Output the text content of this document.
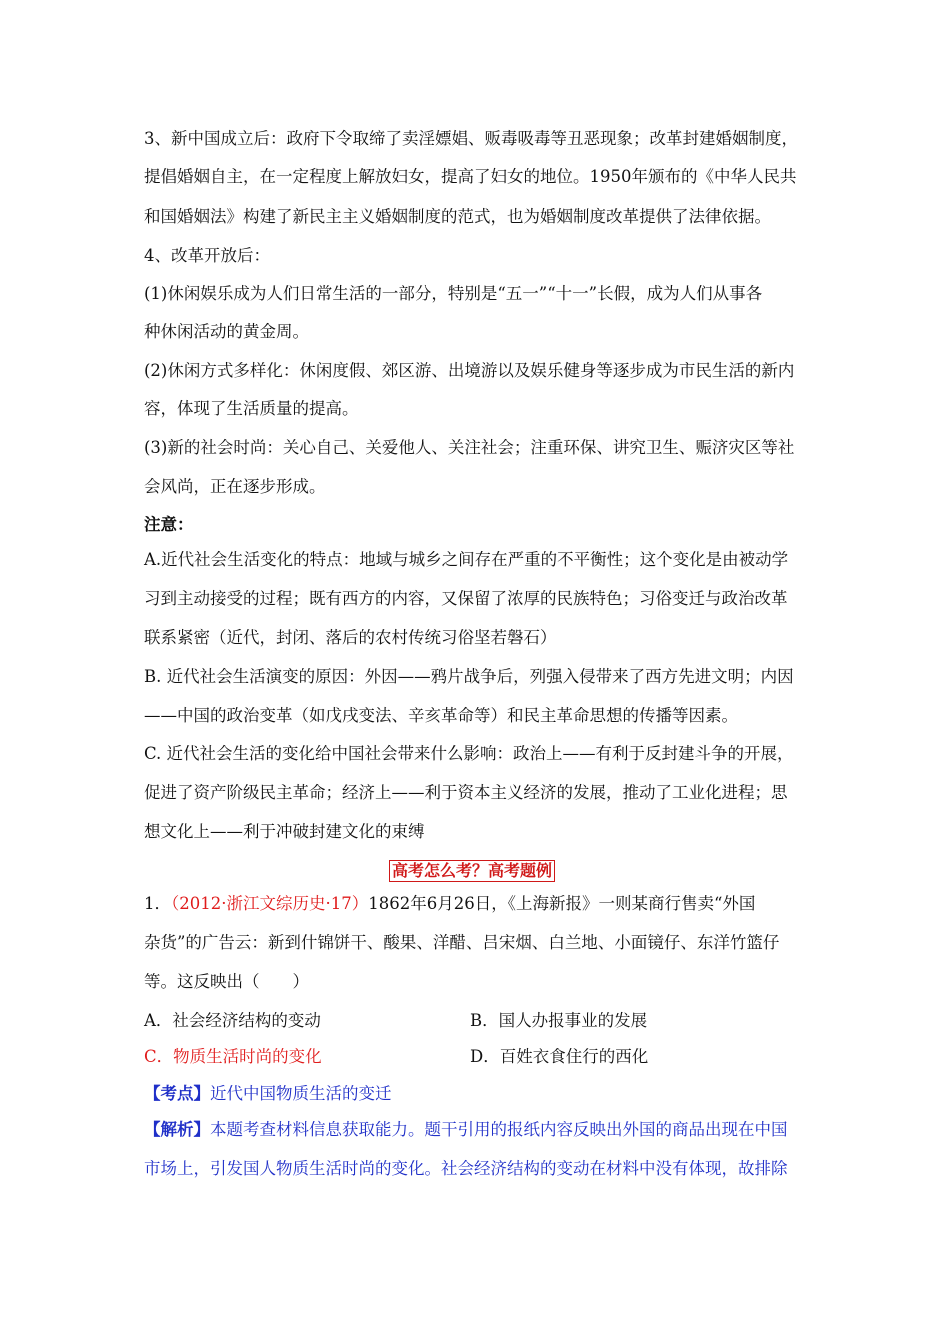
3、新中国成立后：政府下令取缔了卖淫嫖娼、贩毒吸毒等丑恶现象；改革封建婚姻制度，
提倡婚姻自主，在一定程度上解放妇女，提高了妇女的地位。1950年颁布的《中华人民共
和国婚姻法》构建了新民主主义婚姻制度的范式，也为婚姻制度改革提供了法律依据。
4、改革开放后：
(1)休闲娱乐成为人们日常生活的一部分，特别是“五一”“十一”长假，成为人们从事各
种休闲活动的黄金周。
(2)休闲方式多样化：休闲度假、郊区游、出境游以及娱乐健身等逐步成为市民生活的新内
容，体现了生活质量的提高。
(3)新的社会时尚：关心自己、关爱他人、关注社会；注重环保、讲究卫生、赈济灾区等社
会风尚，正在逐步形成。
注意：
A.近代社会生活变化的特点：地域与城乡之间存在严重的不平衡性；这个变化是由被动学
习到主动接受的过程；既有西方的内容，又保留了浓厚的民族特色；习俗变迁与政治改革
联系紧密（近代，封闭、落后的农村传统习俗坚若磐石）
B. 近代社会生活演变的原因：外因——鸦片战争后，列强入侵带来了西方先进文明；内因
——中国的政治变革（如戊戌变法、辛亥革命等）和民主革命思想的传播等因素。
C. 近代社会生活的变化给中国社会带来什么影响：政治上——有利于反封建斗争的开展，
促进了资产阶级民主革命；经济上——利于资本主义经济的发展，推动了工业化进程；思
想文化上——利于冲破封建文化的束缚
高考怎么考？高考题例
1．（2012·浙江文综历史·17）1862年6月26日，《上海新报》一则某商行售卖“外国
杂货”的广告云：新到什锦饼干、酸果、洋醋、吕宋烟、白兰地、小面镜仔、东洋竹篮仔
等。这反映出（　　）
A．社会经济结构的变动	B．国人办报事业的发展
C．物质生活时尚的变化	D．百姓衣食住行的西化
【考点】近代中国物质生活的变迁
【解析】本题考查材料信息获取能力。题干引用的报纸内容反映出外国的商品出现在中国
市场上，引发国人物质生活时尚的变化。社会经济结构的变动在材料中没有体现，故排除
